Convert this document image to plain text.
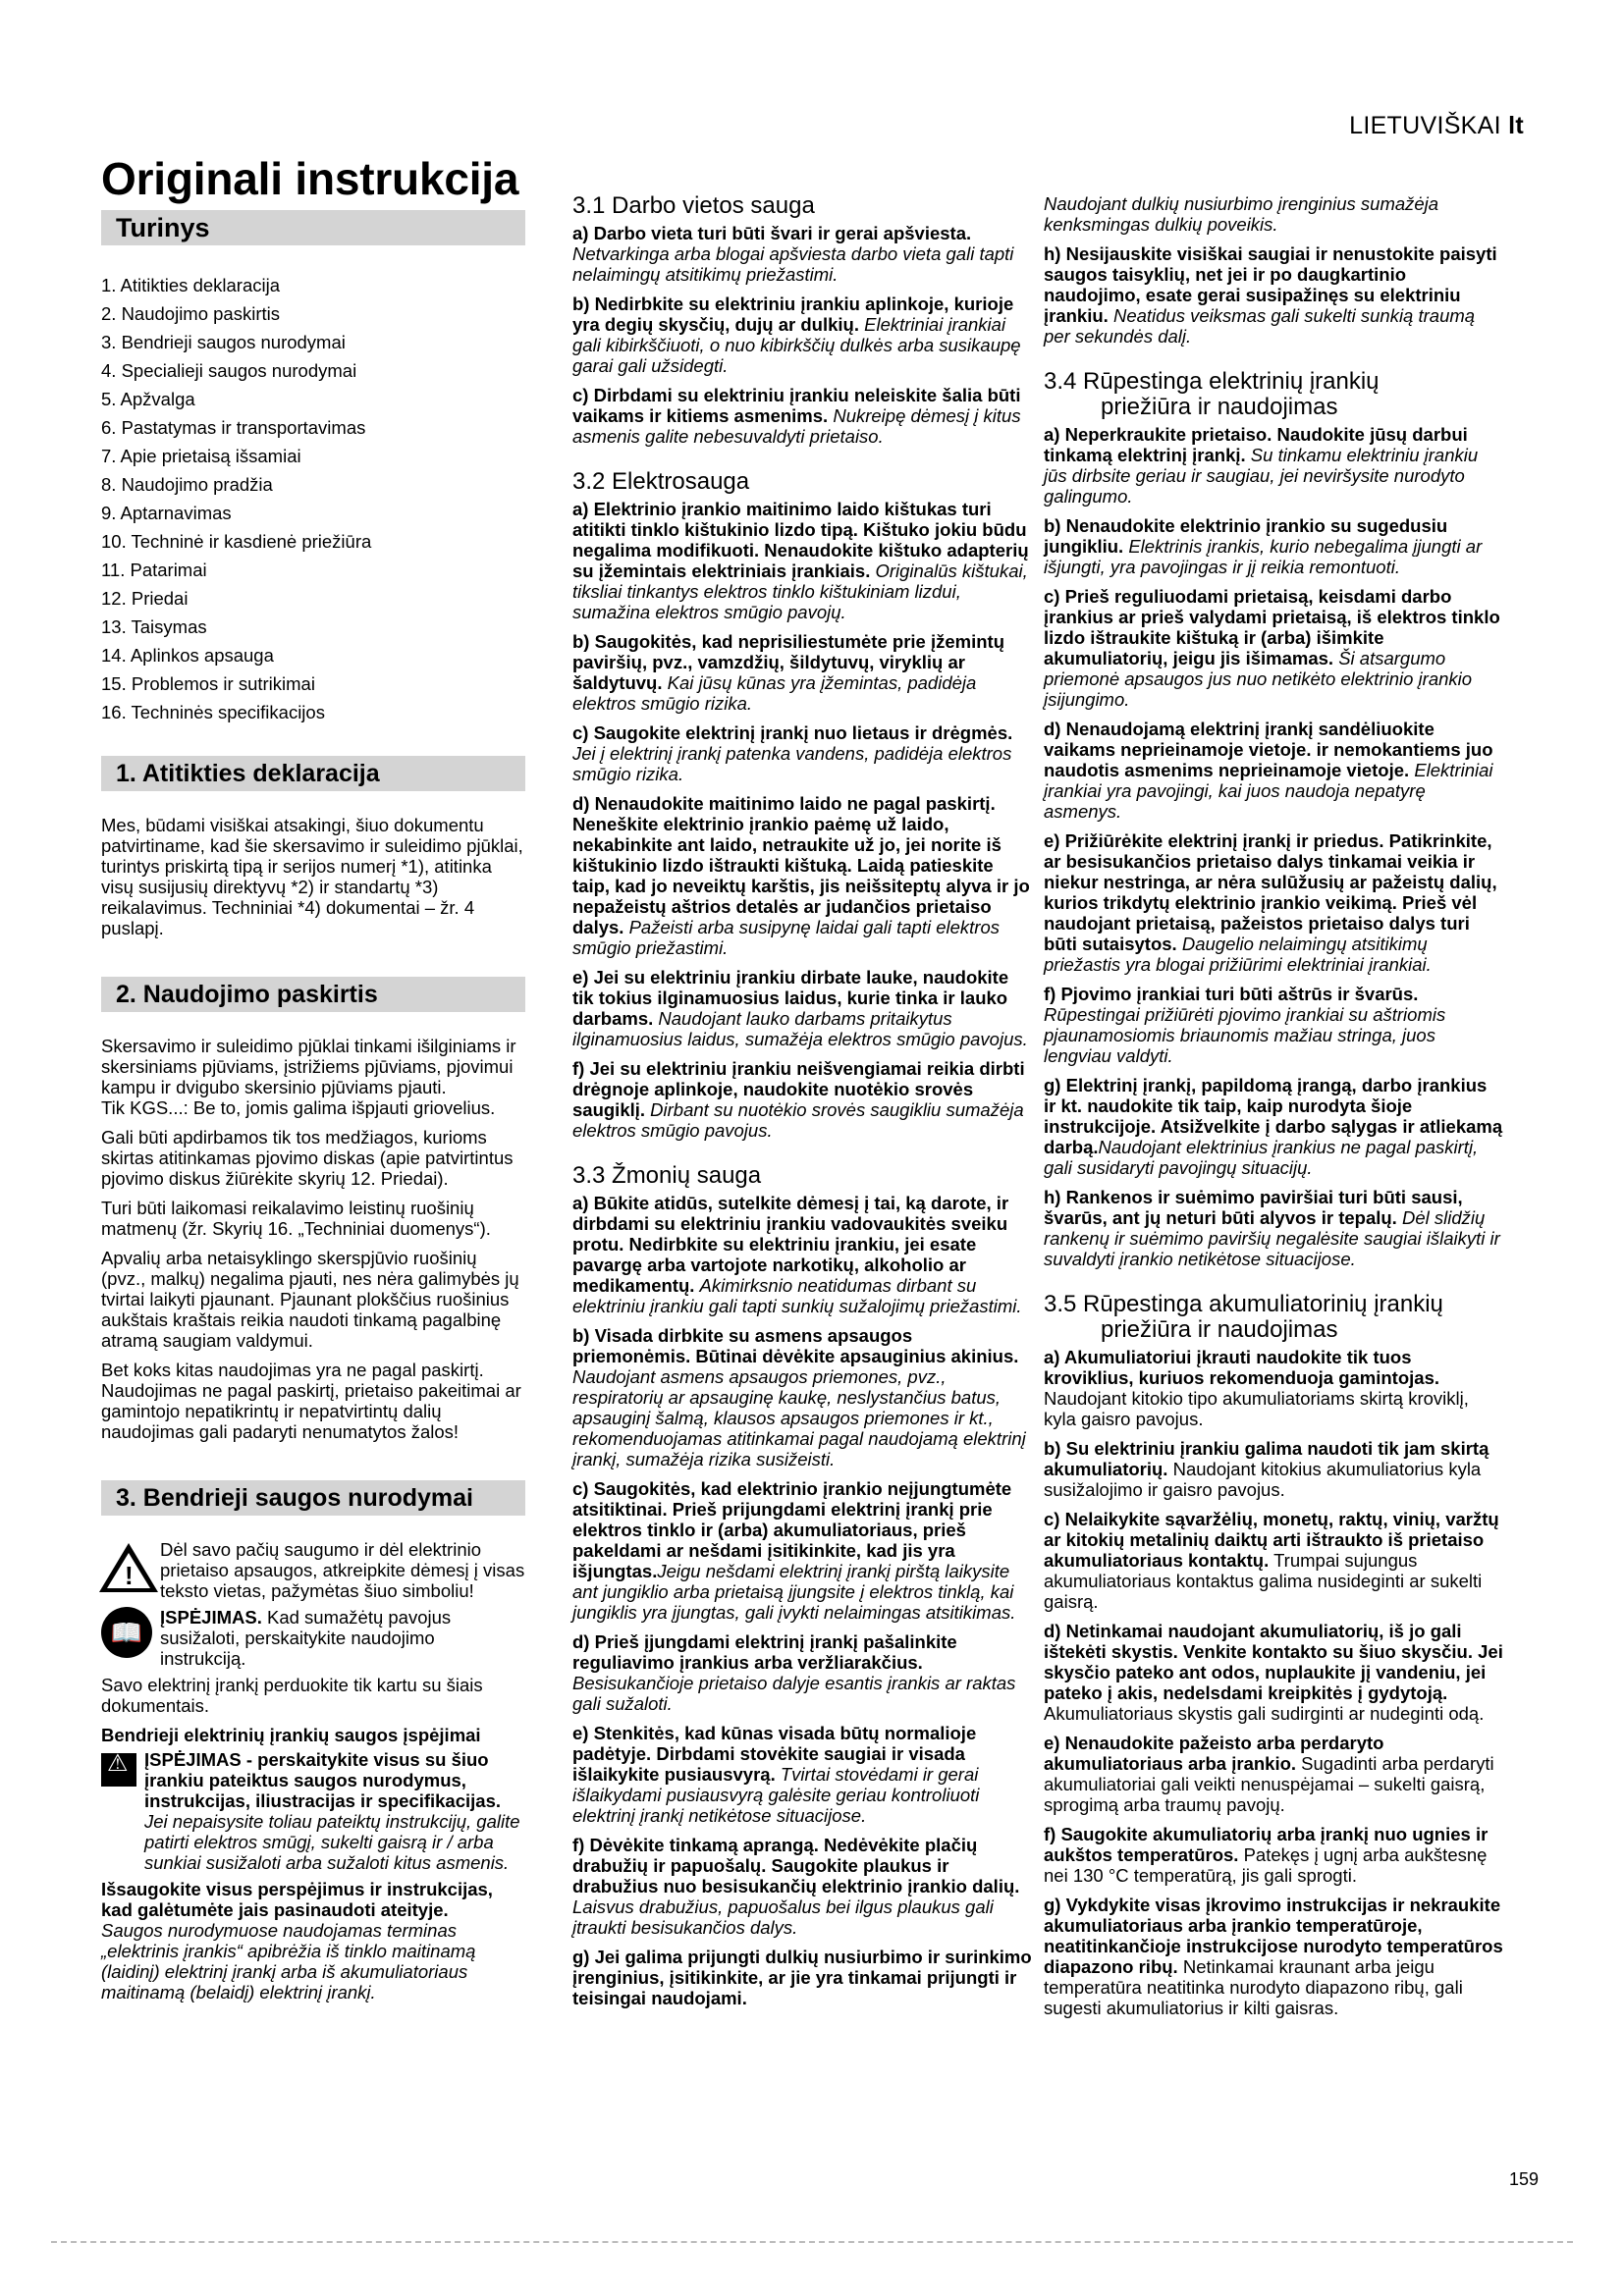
LIETUVIŠKAI lt
Originali instrukcija
Turinys
1. Atitikties deklaracija
2. Naudojimo paskirtis
3. Bendrieji saugos nurodymai
4. Specialieji saugos nurodymai
5. Apžvalga
6. Pastatymas ir transportavimas
7. Apie prietaisą išsamiai
8. Naudojimo pradžia
9. Aptarnavimas
10. Techninė ir kasdienė priežiūra
11. Patarimai
12. Priedai
13. Taisymas
14. Aplinkos apsauga
15. Problemos ir sutrikimai
16. Techninės specifikacijos
1. Atitikties deklaracija

Mes, būdami visiškai atsakingi, šiuo dokumentu patvirtiname, kad šie skersavimo ir suleidimo pjūklai, turintys priskirtą tipą ir serijos numerį *1), atitinka visų susijusių direktyvų *2) ir standartų *3) reikalavimus. Techniniai *4) dokumentai – žr. 4 puslapį.

2. Naudojimo paskirtis

Skersavimo ir suleidimo pjūklai tinkami išilginiams ir skersiniams pjūviams, įstrižiems pjūviams, pjovimui kampu ir dvigubo skersinio pjūviams pjauti.

Tik KGS...: Be to, jomis galima išpjauti griovelius.

Gali būti apdirbamos tik tos medžiagos, kurioms skirtas atitinkamas pjovimo diskas (apie patvirtintus pjovimo diskus žiūrėkite skyrių 12. Priedai).

Turi būti laikomasi reikalavimo leistinų ruošinių matmenų (žr. Skyrių 16. „Techniniai duomenys“).

Apvalių arba netaisyklingo skerspjūvio ruošinių (pvz., malkų) negalima pjauti, nes nėra galimybės jų tvirtai laikyti pjaunant. Pjaunant plokščius ruošinius aukštais kraštais reikia naudoti tinkamą pagalbinę atramą saugiam valdymui.

Bet koks kitas naudojimas yra ne pagal paskirtį. Naudojimas ne pagal paskirtį, prietaiso pakeitimai ar gamintojo nepatikrintų ir nepatvirtintų dalių naudojimas gali padaryti nenumatytos žalos!

3. Bendrieji saugos nurodymai
!
Dėl savo pačių saugumo ir dėl elektrinio prietaiso apsaugos, atkreipkite dėmesį į visas teksto vietas, pažymėtas šiuo simboliu!
📖
ĮSPĖJIMAS. Kad sumažėtų pavojus susižaloti, perskaitykite naudojimo instrukciją.

Savo elektrinį įrankį perduokite tik kartu su šiais dokumentais.

Bendrieji elektrinių įrankių saugos įspėjimai

⚠
ĮSPĖJIMAS - perskaitykite visus su šiuo įrankiu pateiktus saugos nurodymus, instrukcijas, iliustracijas ir specifikacijas. Jei nepaisysite toliau pateiktų instrukcijų, galite patirti elektros smūgį, sukelti gaisrą ir / arba sunkiai susižaloti arba sužaloti kitus asmenis.

Išsaugokite visus perspėjimus ir instrukcijas, kad galėtumėte jais pasinaudoti ateityje.

Saugos nurodymuose naudojamas terminas „elektrinis įrankis“ apibrėžia iš tinklo maitinamą (laidinį) elektrinį įrankį arba iš akumuliatoriaus maitinamą (belaidį) elektrinį įrankį.

3.1 Darbo vietos sauga

a) Darbo vieta turi būti švari ir gerai apšviesta. Netvarkinga arba blogai apšviesta darbo vieta gali tapti nelaimingų atsitikimų priežastimi.

b) Nedirbkite su elektriniu įrankiu aplinkoje, kurioje yra degių skysčių, dujų ar dulkių. Elektriniai įrankiai gali kibirkščiuoti, o nuo kibirkščių dulkės arba susikaupę garai gali užsidegti.

c) Dirbdami su elektriniu įrankiu neleiskite šalia būti vaikams ir kitiems asmenims. Nukreipę dėmesį į kitus asmenis galite nebesuvaldyti prietaiso.

3.2 Elektrosauga

a) Elektrinio įrankio maitinimo laido kištukas turi atitikti tinklo kištukinio lizdo tipą. Kištuko jokiu būdu negalima modifikuoti. Nenaudokite kištuko adapterių su įžemintais elektriniais įrankiais. Originalūs kištukai, tiksliai tinkantys elektros tinklo kištukiniam lizdui, sumažina elektros smūgio pavojų.

b) Saugokitės, kad neprisiliestumėte prie įžemintų paviršių, pvz., vamzdžių, šildytuvų, viryklių ar šaldytuvų. Kai jūsų kūnas yra įžemintas, padidėja elektros smūgio rizika.

c) Saugokite elektrinį įrankį nuo lietaus ir drėgmės. Jei į elektrinį įrankį patenka vandens, padidėja elektros smūgio rizika.

d) Nenaudokite maitinimo laido ne pagal paskirtį. Neneškite elektrinio įrankio paėmę už laido, nekabinkite ant laido, netraukite už jo, jei norite iš kištukinio lizdo ištraukti kištuką. Laidą patieskite taip, kad jo neveiktų karštis, jis neišsiteptų alyva ir jo nepažeistų aštrios detalės ar judančios prietaiso dalys. Pažeisti arba susipynę laidai gali tapti elektros smūgio priežastimi.

e) Jei su elektriniu įrankiu dirbate lauke, naudokite tik tokius ilginamuosius laidus, kurie tinka ir lauko darbams. Naudojant lauko darbams pritaikytus ilginamuosius laidus, sumažėja elektros smūgio pavojus.

f) Jei su elektriniu įrankiu neišvengiamai reikia dirbti drėgnoje aplinkoje, naudokite nuotėkio srovės saugiklį. Dirbant su nuotėkio srovės saugikliu sumažėja elektros smūgio pavojus.

3.3 Žmonių sauga

a) Būkite atidūs, sutelkite dėmesį į tai, ką darote, ir dirbdami su elektriniu įrankiu vadovaukitės sveiku protu. Nedirbkite su elektriniu įrankiu, jei esate pavargę arba vartojote narkotikų, alkoholio ar medikamentų. Akimirksnio neatidumas dirbant su elektriniu įrankiu gali tapti sunkių sužalojimų priežastimi.

b) Visada dirbkite su asmens apsaugos priemonėmis. Būtinai dėvėkite apsauginius akinius. Naudojant asmens apsaugos priemones, pvz., respiratorių ar apsauginę kaukę, neslystančius batus, apsauginį šalmą, klausos apsaugos priemones ir kt., rekomenduojamas atitinkamai pagal naudojamą elektrinį įrankį, sumažėja rizika susižeisti.

c) Saugokitės, kad elektrinio įrankio neįjungtumėte atsitiktinai. Prieš prijungdami elektrinį įrankį prie elektros tinklo ir (arba) akumuliatoriaus, prieš pakeldami ar nešdami įsitikinkite, kad jis yra išjungtas.Jeigu nešdami elektrinį įrankį pirštą laikysite ant jungiklio arba prietaisą įjungsite į elektros tinklą, kai jungiklis yra įjungtas, gali įvykti nelaimingas atsitikimas.

d) Prieš įjungdami elektrinį įrankį pašalinkite reguliavimo įrankius arba veržliarakčius. Besisukančioje prietaiso dalyje esantis įrankis ar raktas gali sužaloti.

e) Stenkitės, kad kūnas visada būtų normalioje padėtyje. Dirbdami stovėkite saugiai ir visada išlaikykite pusiausvyrą. Tvirtai stovėdami ir gerai išlaikydami pusiausvyrą galėsite geriau kontroliuoti elektrinį įrankį netikėtose situacijose.

f) Dėvėkite tinkamą aprangą. Nedėvėkite plačių drabužių ir papuošalų. Saugokite plaukus ir drabužius nuo besisukančių elektrinio įrankio dalių. Laisvus drabužius, papuošalus bei ilgus plaukus gali įtraukti besisukančios dalys.

g) Jei galima prijungti dulkių nusiurbimo ir surinkimo įrenginius, įsitikinkite, ar jie yra tinkamai prijungti ir teisingai naudojami.

Naudojant dulkių nusiurbimo įrenginius sumažėja kenksmingas dulkių poveikis.

h) Nesijauskite visiškai saugiai ir nenustokite paisyti saugos taisyklių, net jei ir po daugkartinio naudojimo, esate gerai susipažinęs su elektriniu įrankiu. Neatidus veiksmas gali sukelti sunkią traumą per sekundės dalį.

3.4 Rūpestinga elektrinių įrankių
priežiūra ir naudojimas

a) Neperkraukite prietaiso. Naudokite jūsų darbui tinkamą elektrinį įrankį. Su tinkamu elektriniu įrankiu jūs dirbsite geriau ir saugiau, jei neviršysite nurodyto galingumo.

b) Nenaudokite elektrinio įrankio su sugedusiu jungikliu. Elektrinis įrankis, kurio nebegalima įjungti ar išjungti, yra pavojingas ir jį reikia remontuoti.

c) Prieš reguliuodami prietaisą, keisdami darbo įrankius ar prieš valydami prietaisą, iš elektros tinklo lizdo ištraukite kištuką ir (arba) išimkite akumuliatorių, jeigu jis išimamas. Ši atsargumo priemonė apsaugos jus nuo netikėto elektrinio įrankio įsijungimo.

d) Nenaudojamą elektrinį įrankį sandėliuokite vaikams neprieinamoje vietoje. ir nemokantiems juo naudotis asmenims neprieinamoje vietoje. Elektriniai įrankiai yra pavojingi, kai juos naudoja nepatyrę asmenys.

e) Prižiūrėkite elektrinį įrankį ir priedus. Patikrinkite, ar besisukančios prietaiso dalys tinkamai veikia ir niekur nestringa, ar nėra sulūžusių ar pažeistų dalių, kurios trikdytų elektrinio įrankio veikimą. Prieš vėl naudojant prietaisą, pažeistos prietaiso dalys turi būti sutaisytos. Daugelio nelaimingų atsitikimų priežastis yra blogai prižiūrimi elektriniai įrankiai.

f) Pjovimo įrankiai turi būti aštrūs ir švarūs. Rūpestingai prižiūrėti pjovimo įrankiai su aštriomis pjaunamosiomis briaunomis mažiau stringa, juos lengviau valdyti.

g) Elektrinį įrankį, papildomą įrangą, darbo įrankius ir kt. naudokite tik taip, kaip nurodyta šioje instrukcijoje. Atsižvelkite į darbo sąlygas ir atliekamą darbą.Naudojant elektrinius įrankius ne pagal paskirtį, gali susidaryti pavojingų situacijų.

h) Rankenos ir suėmimo paviršiai turi būti sausi, švarūs, ant jų neturi būti alyvos ir tepalų. Dėl slidžių rankenų ir suėmimo paviršių negalėsite saugiai išlaikyti ir suvaldyti įrankio netikėtose situacijose.

3.5 Rūpestinga akumuliatorinių įrankių
priežiūra ir naudojimas

a) Akumuliatoriui įkrauti naudokite tik tuos kroviklius, kuriuos rekomenduoja gamintojas. Naudojant kitokio tipo akumuliatoriams skirtą kroviklį, kyla gaisro pavojus.

b) Su elektriniu įrankiu galima naudoti tik jam skirtą akumuliatorių. Naudojant kitokius akumuliatorius kyla susižalojimo ir gaisro pavojus.

c) Nelaikykite sąvaržėlių, monetų, raktų, vinių, varžtų ar kitokių metalinių daiktų arti ištraukto iš prietaiso akumuliatoriaus kontaktų. Trumpai sujungus akumuliatoriaus kontaktus galima nusideginti ar sukelti gaisrą.

d) Netinkamai naudojant akumuliatorių, iš jo gali ištekėti skystis. Venkite kontakto su šiuo skysčiu. Jei skysčio pateko ant odos, nuplaukite jį vandeniu, jei pateko į akis, nedelsdami kreipkitės į gydytoją. Akumuliatoriaus skystis gali sudirginti ar nudeginti odą.

e) Nenaudokite pažeisto arba perdaryto akumuliatoriaus arba įrankio. Sugadinti arba perdaryti akumuliatoriai gali veikti nenuspėjamai – sukelti gaisrą, sprogimą arba traumų pavojų.

f) Saugokite akumuliatorių arba įrankį nuo ugnies ir aukštos temperatūros. Patekęs į ugnį arba aukštesnę nei 130 °C temperatūrą, jis gali sprogti.

g) Vykdykite visas įkrovimo instrukcijas ir nekraukite akumuliatoriaus arba įrankio temperatūroje, neatitinkančioje instrukcijose nurodyto temperatūros diapazono ribų. Netinkamai kraunant arba jeigu temperatūra neatitinka nurodyto diapazono ribų, gali sugesti akumuliatorius ir kilti gaisras.

159
